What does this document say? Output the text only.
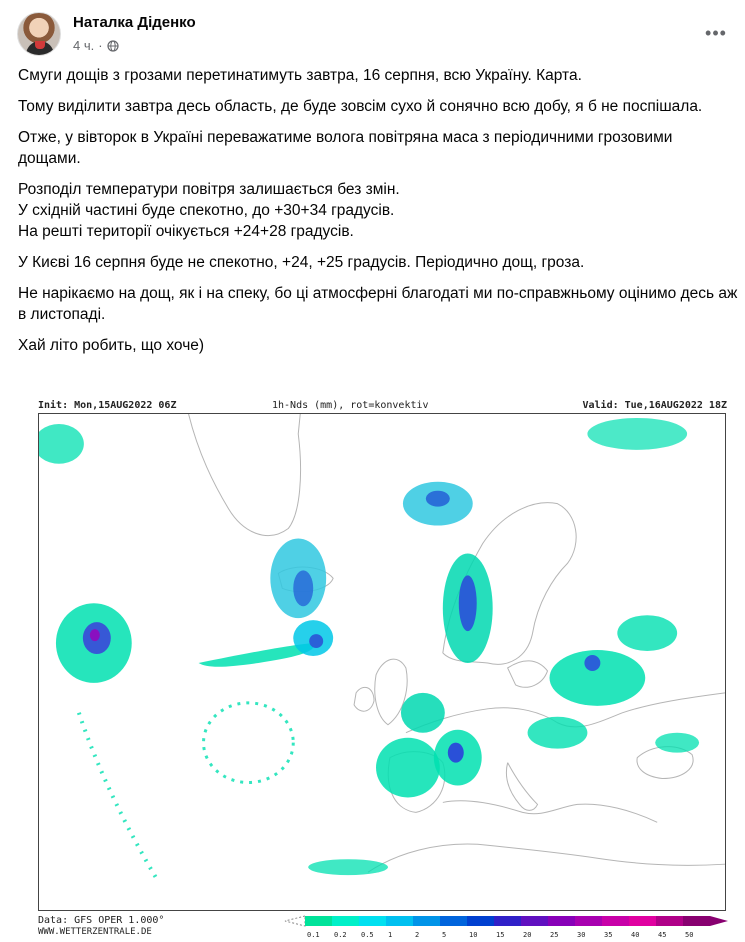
Наталка Діденко
4 ч. ·
•••

Смуги дощів з грозами перетинатимуть завтра, 16 серпня, всю Україну. Карта.

Тому виділити завтра десь область, де буде зовсім сухо й сонячно всю добу, я б не поспішала.

Отже, у вівторок в Україні переважатиме волога повітряна маса з періодичними грозовими дощами.

Розподіл температури повітря залишається без змін.
У східній частині буде спекотно, до +30+34 градусів.
На решті території очікується +24+28 градусів.

У Києві 16 серпня буде не спекотно, +24, +25 градусів. Періодично дощ, гроза.

Не нарікаємо на дощ, як і на спеку, бо ці атмосферні благодаті ми по-справжньому оцінимо десь аж в листопаді.

Хай літо робить, що хоче)

Init: Mon,15AUG2022 06Z	1h-Nds (mm), rot=konvektiv	Valid: Tue,16AUG2022 18Z
Data: GFS OPER 1.000°
WWW.WETTERZENTRALE.DE	0.1 0.2 0.5 1	2	5	10	15	20	25	30	35	40	45	50
